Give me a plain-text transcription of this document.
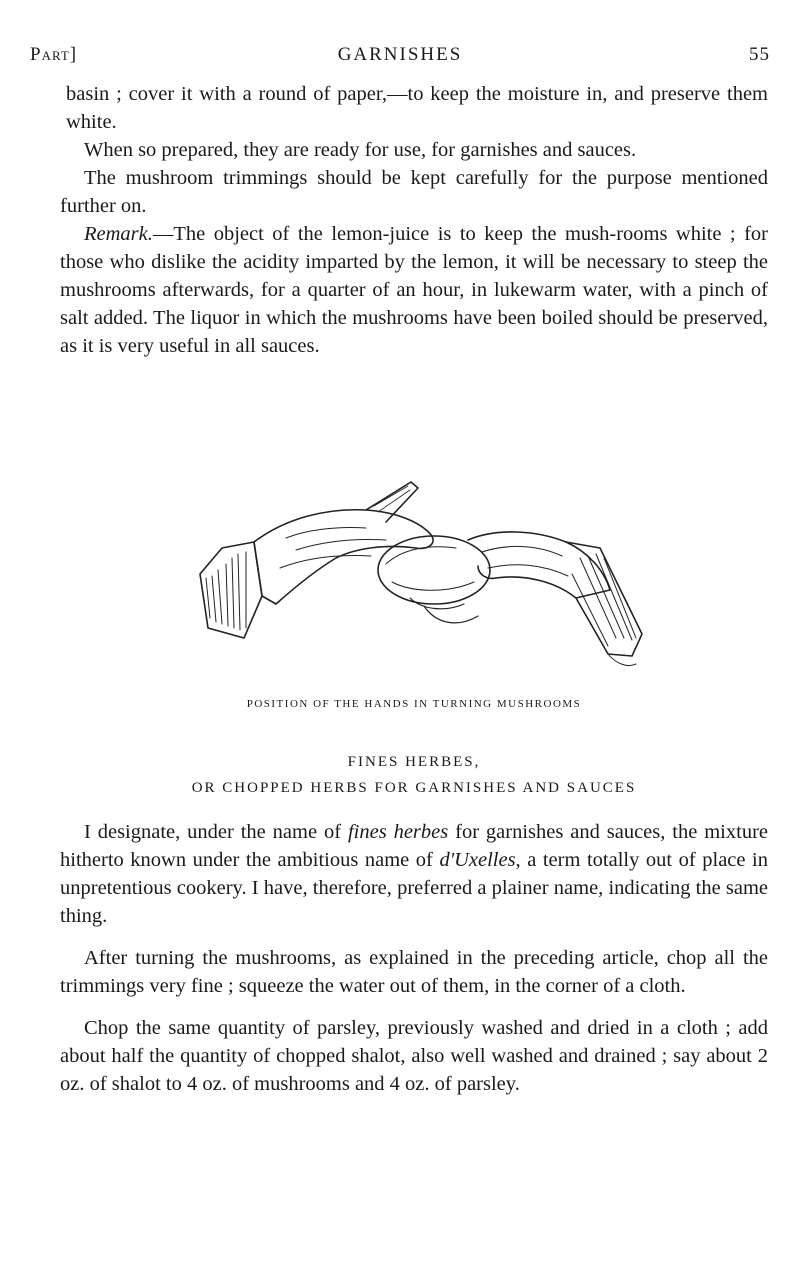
Part]	GARNISHES	55

basin ; cover it with a round of paper,—to keep the moisture in, and preserve them white.

When so prepared, they are ready for use, for garnishes and sauces.

The mushroom trimmings should be kept carefully for the purpose mentioned further on.

Remark.—The object of the lemon-juice is to keep the mush-rooms white ; for those who dislike the acidity imparted by the lemon, it will be necessary to steep the mushrooms afterwards, for a quarter of an hour, in lukewarm water, with a pinch of salt added. The liquor in which the mushrooms have been boiled should be preserved, as it is very useful in all sauces.

POSITION OF THE HANDS IN TURNING MUSHROOMS
FINES HERBES,
OR CHOPPED HERBS FOR GARNISHES AND SAUCES

I designate, under the name of fines herbes for garnishes and sauces, the mixture hitherto known under the ambitious name of d'Uxelles, a term totally out of place in unpretentious cookery. I have, therefore, preferred a plainer name, indicating the same thing.

After turning the mushrooms, as explained in the preceding article, chop all the trimmings very fine ; squeeze the water out of them, in the corner of a cloth.

Chop the same quantity of parsley, previously washed and dried in a cloth ; add about half the quantity of chopped shalot, also well washed and drained ; say about 2 oz. of shalot to 4 oz. of mushrooms and 4 oz. of parsley.
